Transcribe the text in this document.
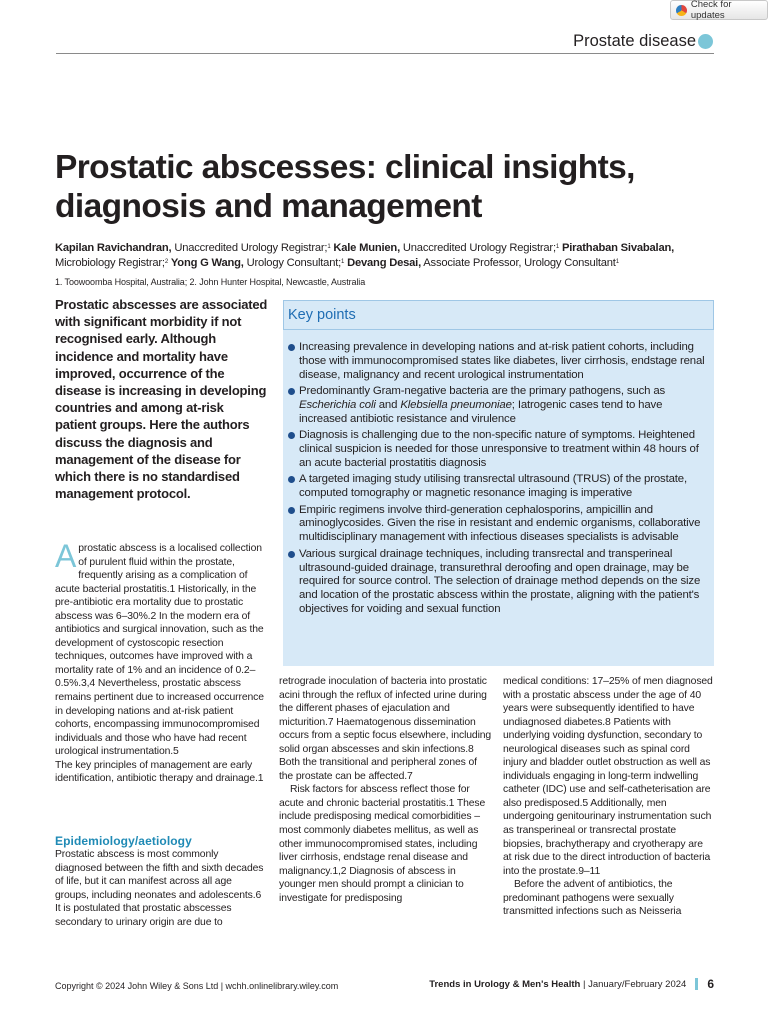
Check for updates
Prostate disease
Prostatic abscesses: clinical insights, diagnosis and management
Kapilan Ravichandran, Unaccredited Urology Registrar;$^1$ Kale Munien, Unaccredited Urology Registrar;$^1$ Pirathaban Sivabalan, Microbiology Registrar;$^2$ Yong G Wang, Urology Consultant;$^1$ Devang Desai, Associate Professor, Urology Consultant$^1$
1. Toowoomba Hospital, Australia; 2. John Hunter Hospital, Newcastle, Australia
Prostatic abscesses are associated with significant morbidity if not recognised early. Although incidence and mortality have improved, occurrence of the disease is increasing in developing countries and among at-risk patient groups. Here the authors discuss the diagnosis and management of the disease for which there is no standardised management protocol.
Key points
Increasing prevalence in developing nations and at-risk patient cohorts, including those with immunocompromised states like diabetes, liver cirrhosis, endstage renal disease, malignancy and recent urological instrumentation
Predominantly Gram-negative bacteria are the primary pathogens, such as Escherichia coli and Klebsiella pneumoniae; Iatrogenic cases tend to have increased antibiotic resistance and virulence
Diagnosis is challenging due to the non-specific nature of symptoms. Heightened clinical suspicion is needed for those unresponsive to treatment within 48 hours of an acute bacterial prostatitis diagnosis
A targeted imaging study utilising transrectal ultrasound (TRUS) of the prostate, computed tomography or magnetic resonance imaging is imperative
Empiric regimens involve third-generation cephalosporins, ampicillin and aminoglycosides. Given the rise in resistant and endemic organisms, collaborative multidisciplinary management with infectious diseases specialists is advisable
Various surgical drainage techniques, including transrectal and transperineal ultrasound-guided drainage, transurethral deroofing and open drainage, may be required for source control. The selection of drainage method depends on the size and location of the prostatic abscess within the prostate, aligning with the patient's objectives for voiding and sexual function
A prostatic abscess is a localised collection of purulent fluid within the prostate, frequently arising as a complication of acute bacterial prostatitis.1 Historically, in the pre-antibiotic era mortality due to prostatic abscess was 6–30%.2 In the modern era of antibiotics and surgical innovation, such as the development of cystoscopic resection techniques, outcomes have improved with a mortality rate of 1% and an incidence of 0.2–0.5%.3,4 Nevertheless, prostatic abscess remains pertinent due to increased occurrence in developing nations and at-risk patient cohorts, encompassing immunocompromised individuals and those who have had recent urological instrumentation.5

The key principles of management are early identification, antibiotic therapy and drainage.1

Epidemiology/aetiology

Prostatic abscess is most commonly diagnosed between the fifth and sixth decades of life, but it can manifest across all age groups, including neonates and adolescents.6 It is postulated that prostatic abscesses secondary to urinary origin are due to

retrograde inoculation of bacteria into prostatic acini through the reflux of infected urine during the different phases of ejaculation and micturition.7 Haematogenous dissemination occurs from a septic focus elsewhere, including solid organ abscesses and skin infections.8 Both the transitional and peripheral zones of the prostate can be affected.7

Risk factors for abscess reflect those for acute and chronic bacterial prostatitis.1 These include predisposing medical comorbidities – most commonly diabetes mellitus, as well as other immunocompromised states, including liver cirrhosis, endstage renal disease and malignancy.1,2 Diagnosis of abscess in younger men should prompt a clinician to investigate for predisposing

medical conditions: 17–25% of men diagnosed with a prostatic abscess under the age of 40 years were subsequently identified to have undiagnosed diabetes.8 Patients with underlying voiding dysfunction, secondary to neurological diseases such as spinal cord injury and bladder outlet obstruction as well as individuals engaging in long-term indwelling catheter (IDC) use and self-catheterisation are also predisposed.5 Additionally, men undergoing genitourinary instrumentation such as transperineal or transrectal prostate biopsies, brachytherapy and cryotherapy are at risk due to the direct introduction of bacteria into the prostate.9–11

Before the advent of antibiotics, the predominant pathogens were sexually transmitted infections such as Neisseria

Copyright © 2024 John Wiley & Sons Ltd | wchh.onlinelibrary.wiley.com	Trends in Urology & Men's Health | January/February 2024 6
